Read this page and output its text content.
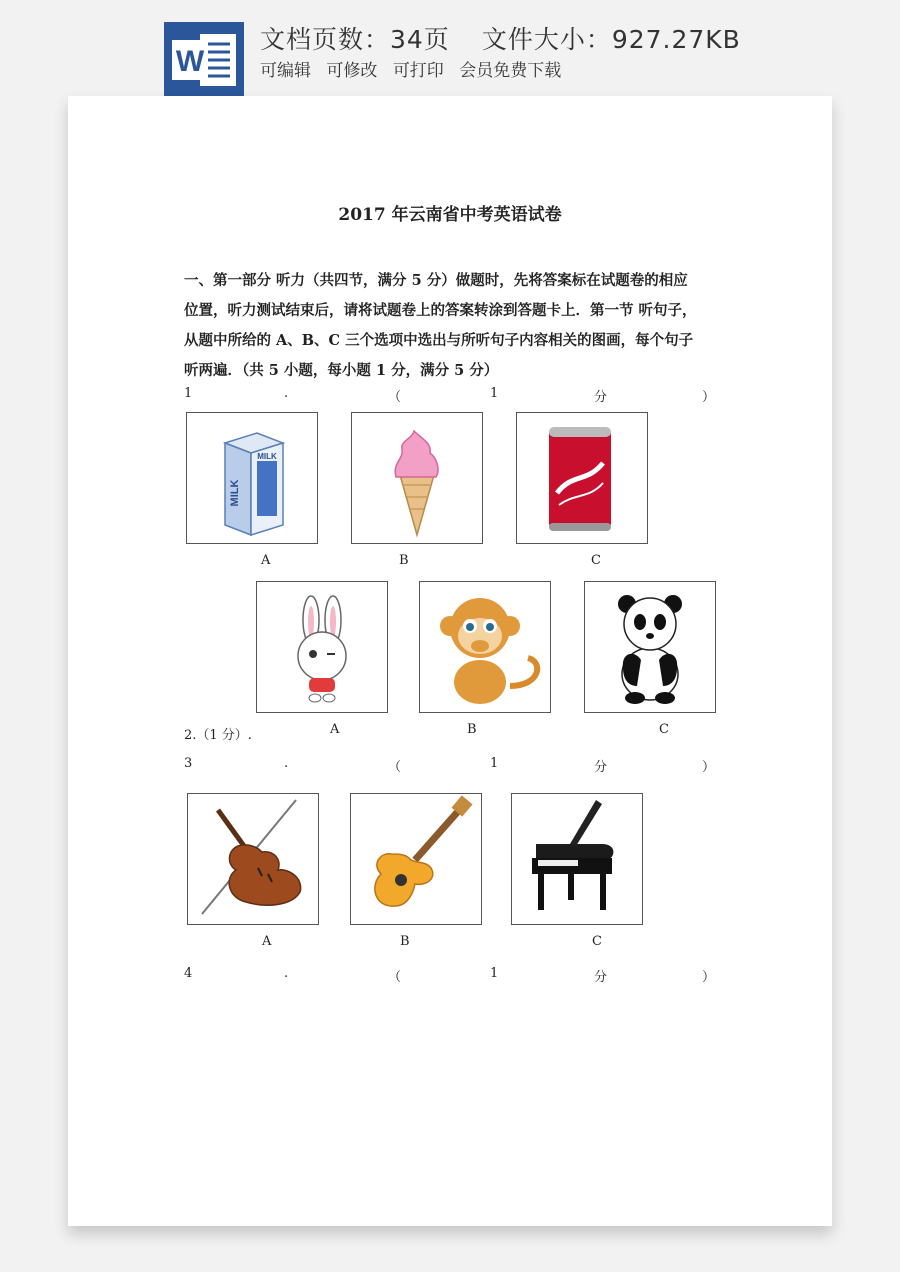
W
文档页数：34页 文件大小：927.27KB
可编辑 可修改 可打印 会员免费下载
2017 年云南省中考英语试卷

一、第一部分 听力（共四节，满分 5 分）做题时，先将答案标在试题卷的相应

位置，听力测试结束后，请将试题卷上的答案转涂到答题卡上．第一节 听句子，

从题中所给的 A、B、C 三个选项中选出与所听句子内容相关的图画，每个句子

听两遍．（共 5 小题，每小题 1 分，满分 5 分）

1	.	（	1	分	）
MILK
MILK
A	B	C
2.（1 分）.	A	B	C
3	.	（	1	分	）
A	B	C
4	.	（	1	分	）
